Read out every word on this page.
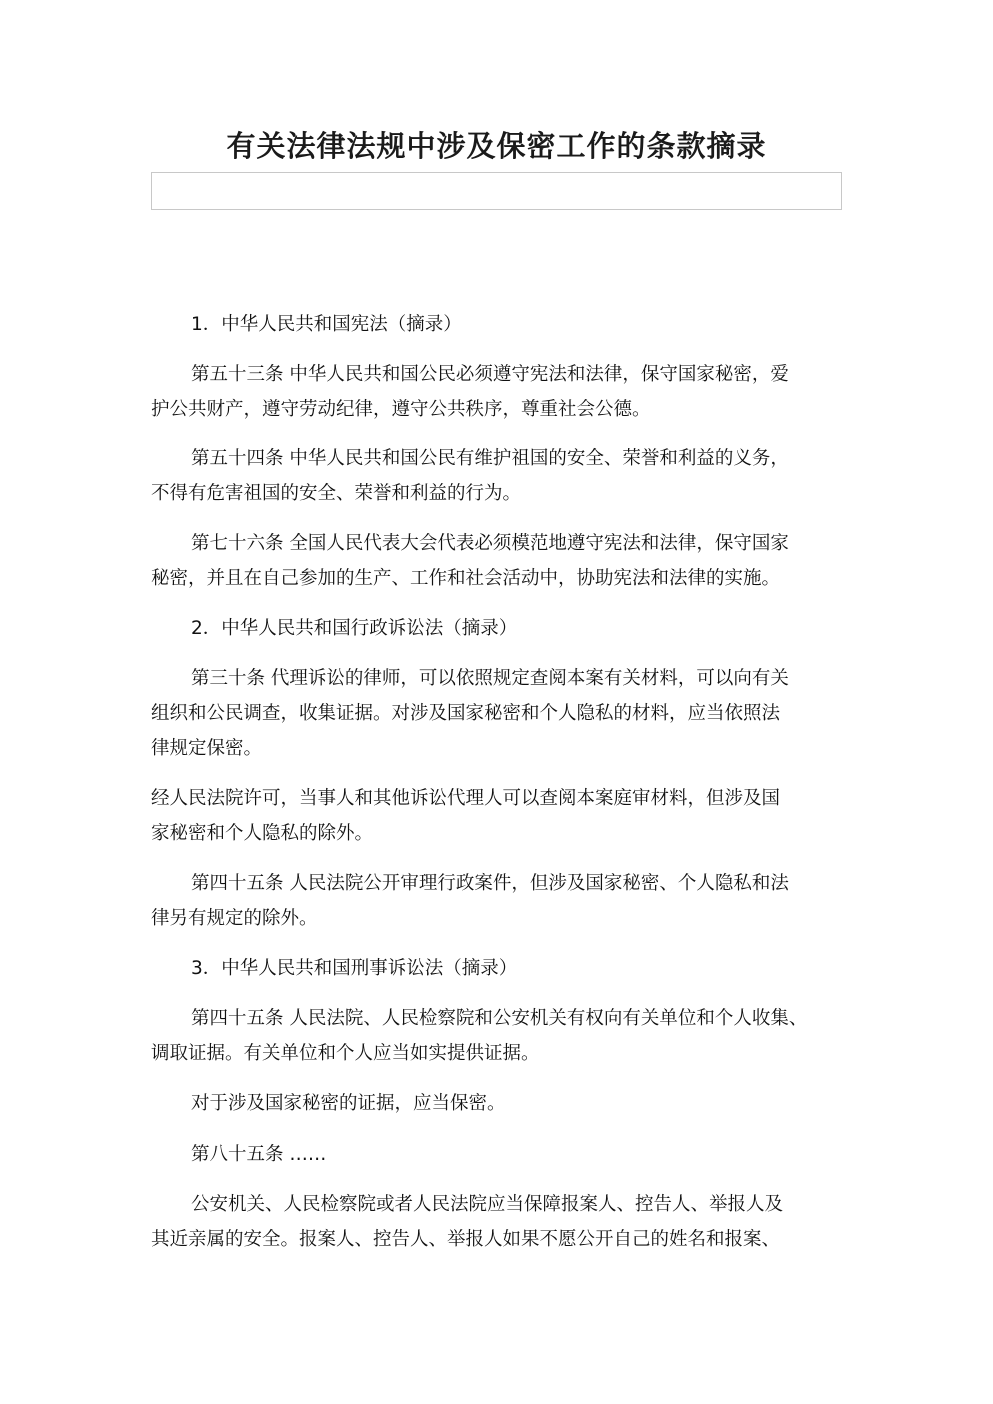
有关法律法规中涉及保密工作的条款摘录

1．中华人民共和国宪法（摘录）

第五十三条 中华人民共和国公民必须遵守宪法和法律，保守国家秘密，爱
护公共财产，遵守劳动纪律，遵守公共秩序，尊重社会公德。

第五十四条 中华人民共和国公民有维护祖国的安全、荣誉和利益的义务，
不得有危害祖国的安全、荣誉和利益的行为。

第七十六条 全国人民代表大会代表必须模范地遵守宪法和法律，保守国家
秘密，并且在自己参加的生产、工作和社会活动中，协助宪法和法律的实施。

2．中华人民共和国行政诉讼法（摘录）

第三十条 代理诉讼的律师，可以依照规定查阅本案有关材料，可以向有关
组织和公民调查，收集证据。对涉及国家秘密和个人隐私的材料，应当依照法
律规定保密。

经人民法院许可，当事人和其他诉讼代理人可以查阅本案庭审材料，但涉及国
家秘密和个人隐私的除外。

第四十五条 人民法院公开审理行政案件，但涉及国家秘密、个人隐私和法
律另有规定的除外。

3．中华人民共和国刑事诉讼法（摘录）

第四十五条 人民法院、人民检察院和公安机关有权向有关单位和个人收集、
调取证据。有关单位和个人应当如实提供证据。

对于涉及国家秘密的证据，应当保密。

第八十五条 ……

公安机关、人民检察院或者人民法院应当保障报案人、控告人、举报人及
其近亲属的安全。报案人、控告人、举报人如果不愿公开自己的姓名和报案、
